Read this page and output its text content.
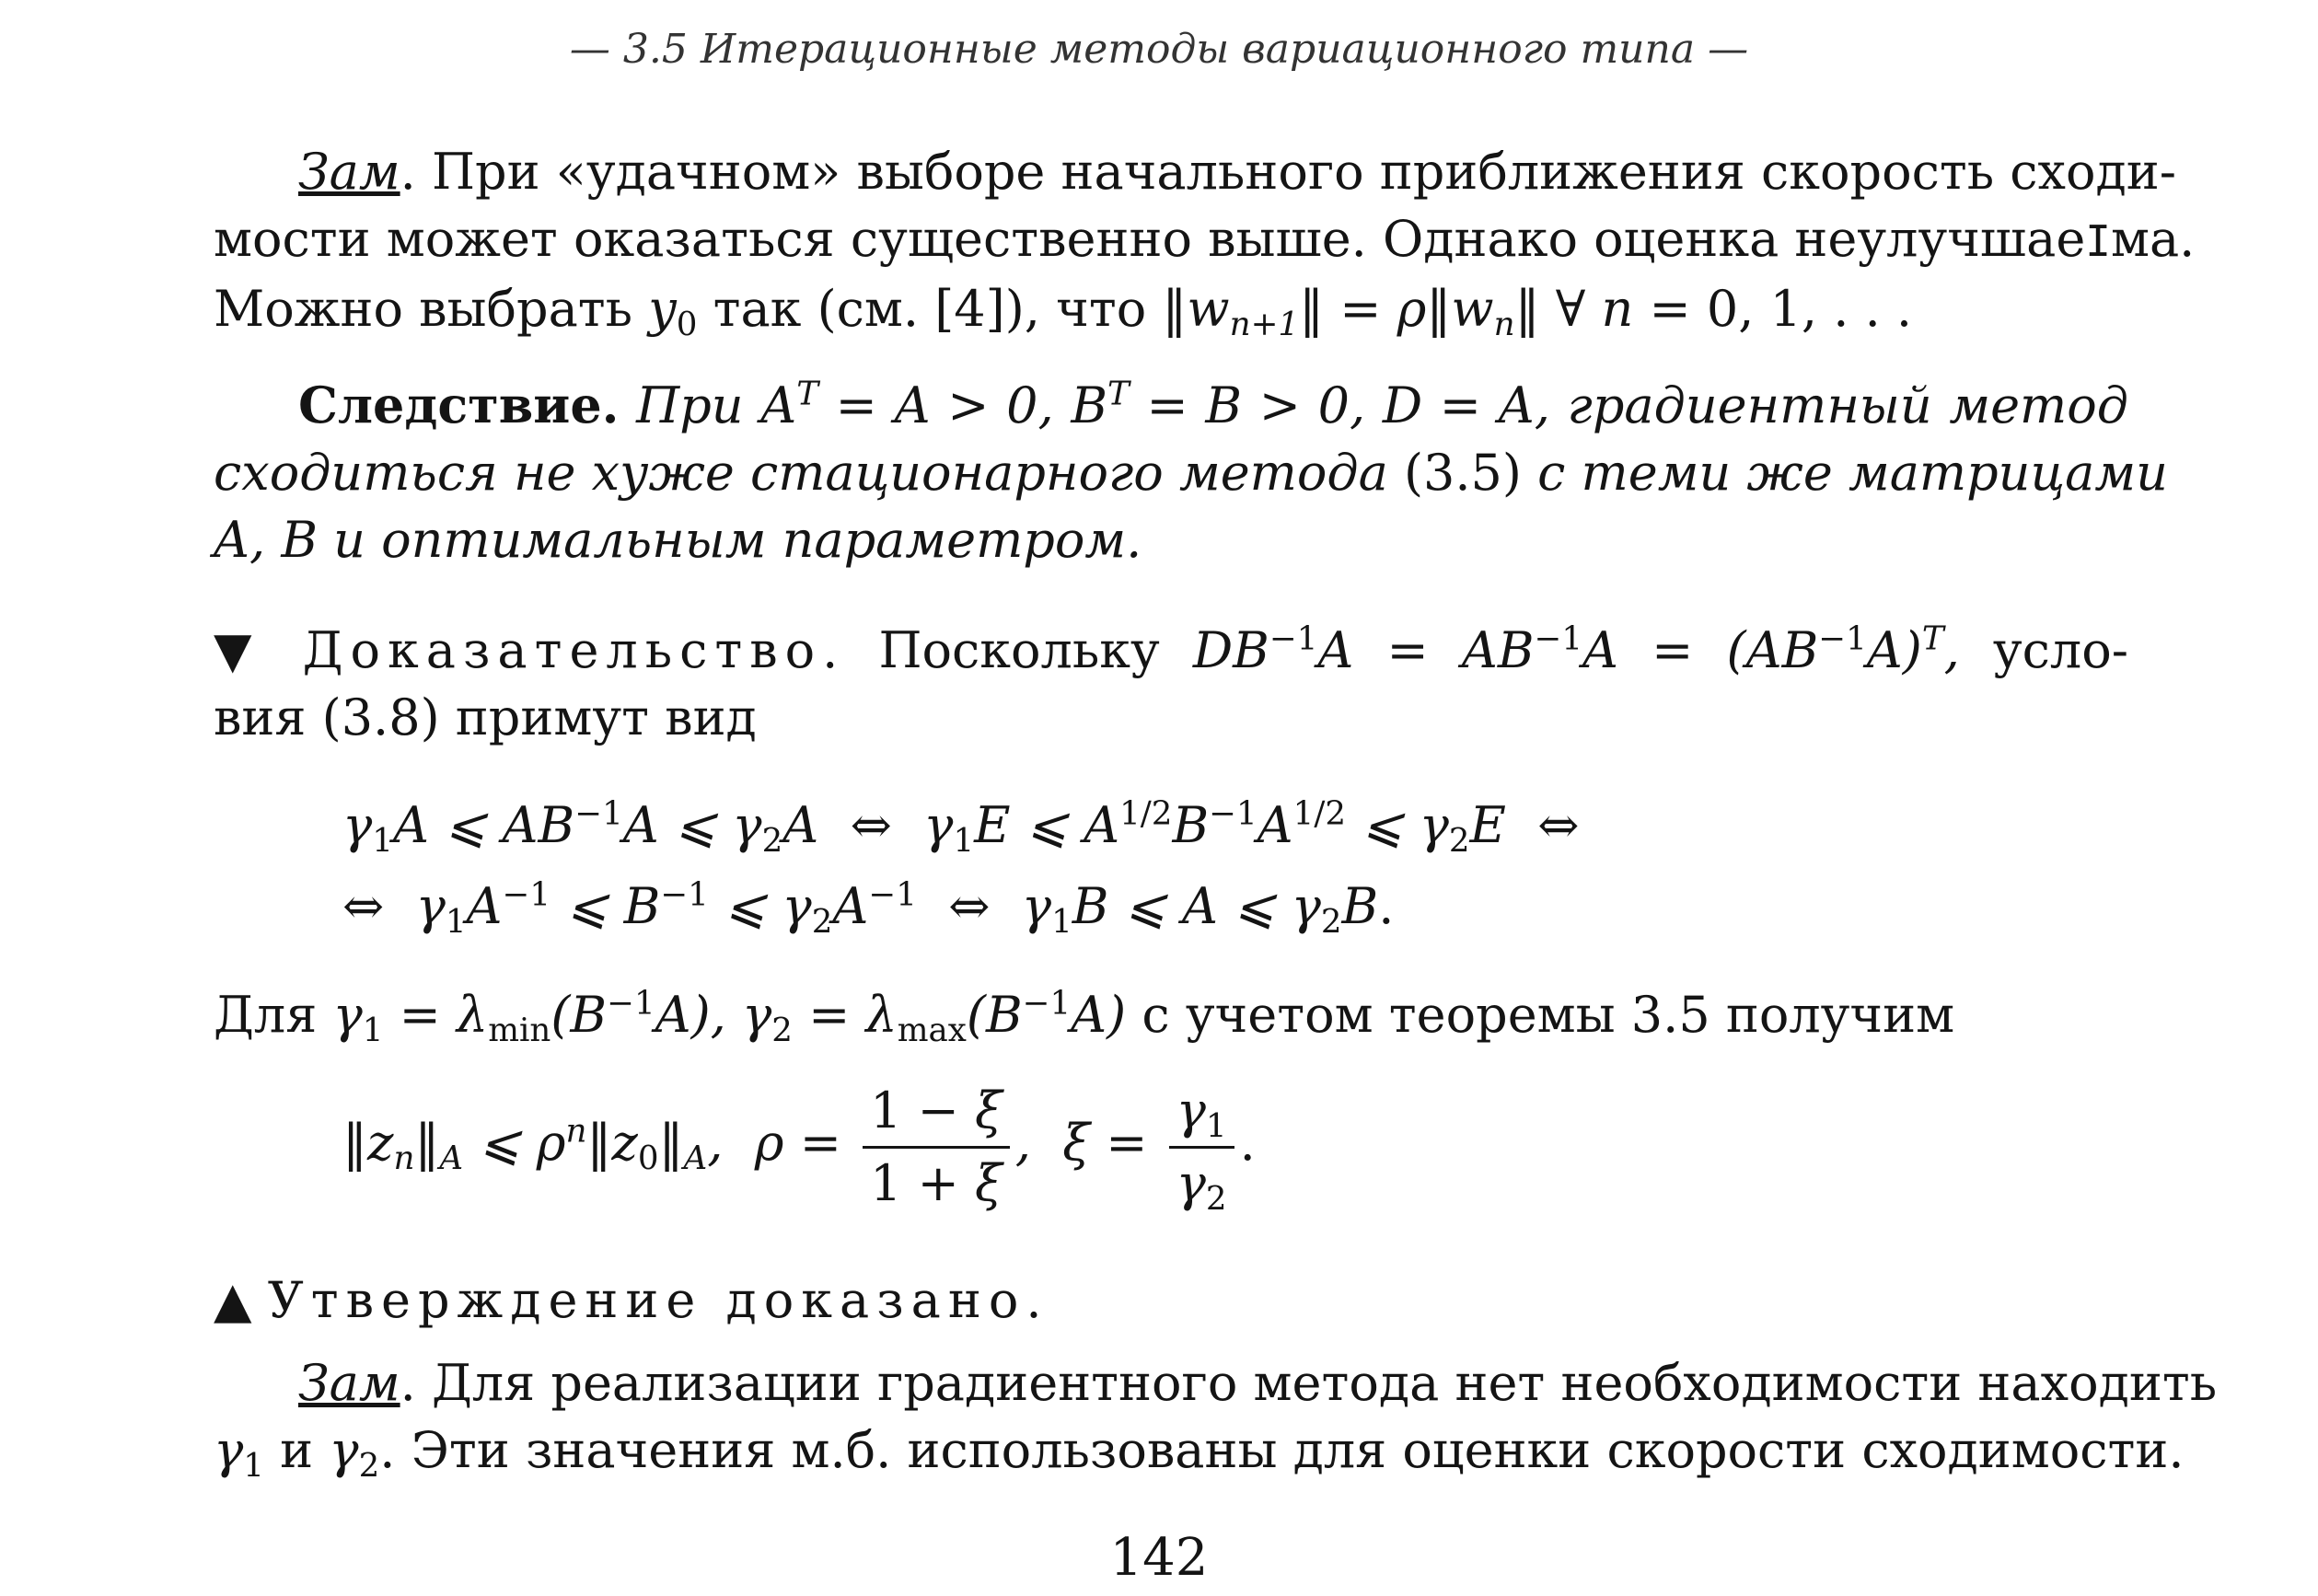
— 3.5 Итерационные методы вариационного типа —
Зам. При «удачном» выборе начального приближения скорость сходи-
мости может оказаться существенно выше. Однако оценка неулучшаеIма.
Можно выбрать $y_0$ так (см. [4]), что $‖w_{n+1}‖$ = $\rho‖w_n‖$ ∀ n = 0, 1, . . .
Следствие. При $A^T = A > 0$, $B^T = B > 0$, D = A, градиентный метод
сходиться не хуже стационарного метода (3.5) с теми же матрицами
A, B и оптимальным параметром.
▼ Доказательство. Поскольку $DB^{-1}A = AB^{-1}A = (AB^{-1}A)^T$, усло-
вия (3.8) примут вид
$\gamma_1A$ ⩽ $AB^{-1}A$ ⩽ $\gamma_2A$  ⇔  $\gamma_1E$ ⩽ $A^{1/2}B^{-1}A^{1/2}$ ⩽ $\gamma_2E$  ⇔
⇔  $\gamma_1A^{-1}$ ⩽ $B^{-1}$ ⩽ $\gamma_2A^{-1}$ ⇔  $\gamma_1B$ ⩽ A ⩽ $\gamma_2B$.
Для $\gamma_1 = \lambda_{min}(B^{-1}A)$, $\gamma_2 = \lambda_{max}(B^{-1}A)$ с учетом теоремы 3.5 получим
$‖z_n‖_A$ ⩽ $\rho^n‖z_0‖_A$,  $\rho = \frac{1 - \xi}{1 + \xi}$ ,  $\xi = \frac{\gamma_1}{\gamma_2}$ .
▲ Утверждение доказано.
Зам. Для реализации градиентного метода нет необходимости находить
$\gamma_1$ и $\gamma_2$. Эти значения м.б. использованы для оценки скорости сходимости.
142
